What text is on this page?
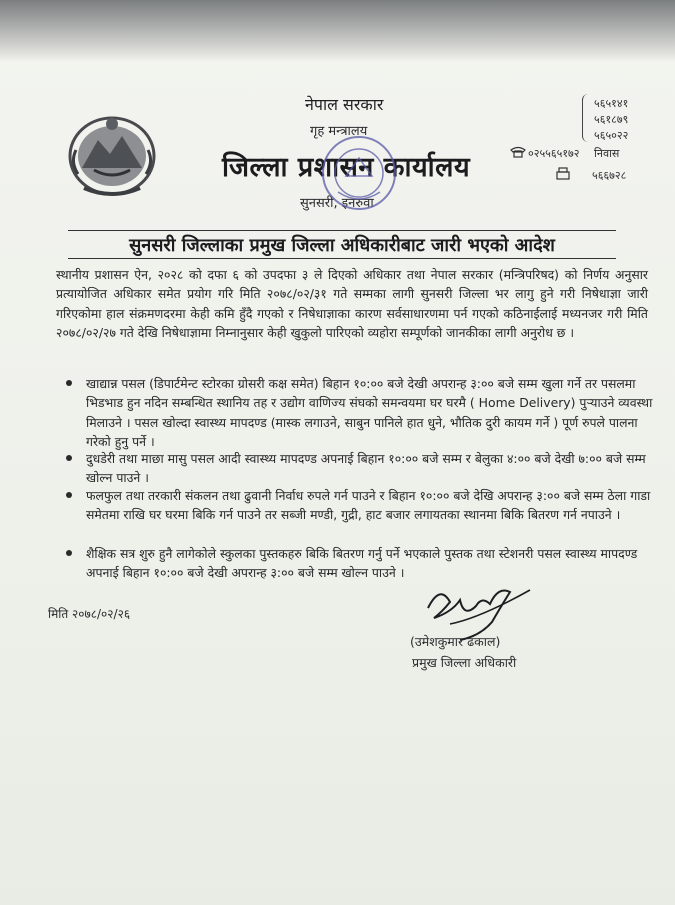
नेपाल सरकार
गृह मन्त्रालय
जिल्ला प्रशासन कार्यालय
सुनसरी, इनरुवा
५६५१४१
५६१८७९
५६५०२२
०२५५६५१७२ निवास
५६६७२८
सुनसरी जिल्लाका प्रमुख जिल्ला अधिकारीबाट जारी भएको आदेश
स्थानीय प्रशासन ऐन, २०२८ को दफा ६ को उपदफा ३ ले दिएको अधिकार तथा नेपाल सरकार (मन्त्रिपरिषद) को निर्णय अनुसार प्रत्यायोजित अधिकार समेत प्रयोग गरि मिति २०७८/०२/३१ गते सम्मका लागी सुनसरी जिल्ला भर लागु हुने गरी निषेधाज्ञा जारी गरिएकोमा हाल संक्रमणदरमा केही कमि हुँदै गएको र निषेधाज्ञाका कारण सर्वसाधारणमा पर्न गएको कठिनाईलाई मध्यनजर गरी मिति २०७८/०२/२७ गते देखि निषेधाज्ञामा निम्नानुसार केही खुकुलो पारिएको व्यहोरा सम्पूर्णको जानकीका लागी अनुरोध छ ।
खाद्यान्न पसल (डिपार्टमेन्ट स्टोरका ग्रोसरी कक्ष समेत) बिहान १०:०० बजे देखी अपरान्ह ३:०० बजे सम्म खुला गर्ने तर पसलमा भिडभाड हुन नदिन सम्बन्धित स्थानिय तह र उद्योग वाणिज्य संघको समन्वयमा घर घरमै ( Home Delivery) पुऱ्याउने व्यवस्था मिलाउने । पसल खोल्दा स्वास्थ्य मापदण्ड (मास्क लगाउने, साबुन पानिले हात धुने, भौतिक दुरी कायम गर्ने ) पूर्ण रुपले पालना गरेको हुनु पर्ने ।
दुधडेरी तथा माछा मासु पसल आदी स्वास्थ्य मापदण्ड अपनाई बिहान १०:०० बजे सम्म र बेलुका ४:०० बजे देखी ७:०० बजे सम्म खोल्न पाउने ।
फलफुल तथा तरकारी संकलन तथा ढुवानी निर्वाध रुपले गर्न पाउने र बिहान १०:०० बजे देखि अपरान्ह ३:०० बजे सम्म ठेला गाडा समेतमा राखि घर घरमा बिकि गर्न पाउने तर सब्जी मण्डी, गुद्री, हाट बजार लगायतका स्थानमा बिकि बितरण गर्न नपाउने ।
शैक्षिक सत्र शुरु हुनै लागेकोले स्कुलका पुस्तकहरु बिकि बितरण गर्नु पर्ने भएकाले पुस्तक तथा स्टेशनरी पसल स्वास्थ्य मापदण्ड अपनाई बिहान १०:०० बजे देखी अपरान्ह ३:०० बजे सम्म खोल्न पाउने ।
मिति २०७८/०२/२६
(उमेशकुमार ढकाल)
प्रमुख जिल्ला अधिकारी
